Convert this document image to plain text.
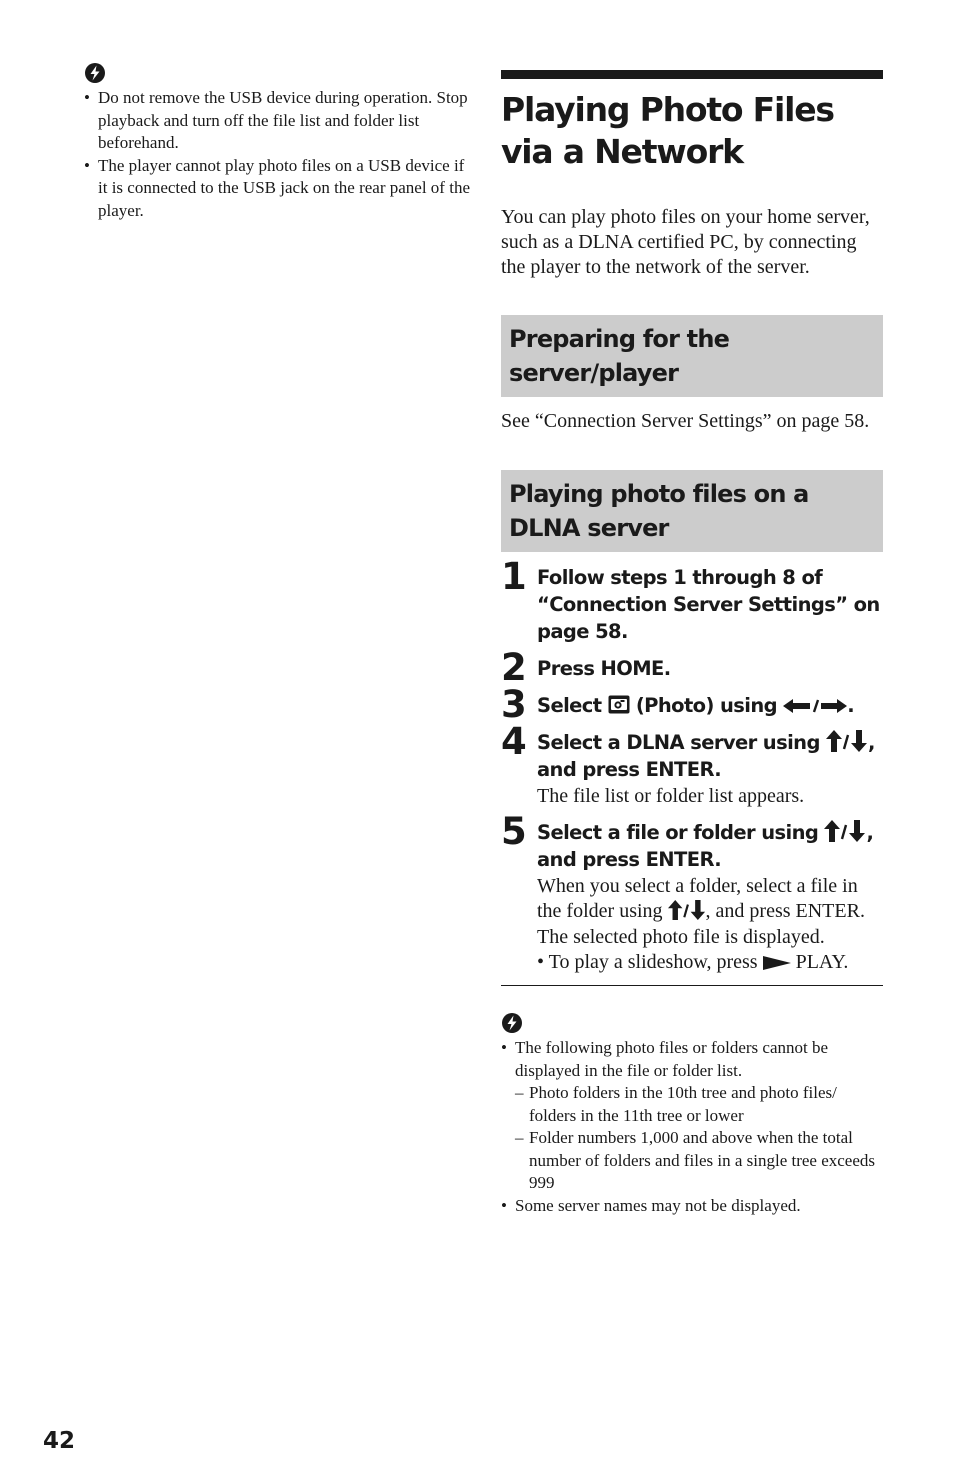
• Do not remove the USB device during operation. Stop playback and turn off the file list and folder list beforehand.
• The player cannot play photo files on a USB device if it is connected to the USB jack on the rear panel of the player.
Playing Photo Files via a Network

You can play photo files on your home server, such as a DLNA certified PC, by connecting the player to the network of the server.

Preparing for the server/player

See “Connection Server Settings” on page 58.

Playing photo files on a DLNA server
1 Follow steps 1 through 8 of “Connection Server Settings” on page 58.
2 Press HOME.
3 Select (Photo) using	.
4 Select a DLNA server using , and press ENTER.
The file list or folder list appears.
5 Select a file or folder using , and press ENTER.
When you select a folder, select a file in the folder using , and press ENTER.
The selected photo file is displayed.
• To play a slideshow, press PLAY.
• The following photo files or folders cannot be displayed in the file or folder list.
– Photo folders in the 10th tree and photo files/ folders in the 11th tree or lower
– Folder numbers 1,000 and above when the total number of folders and files in a single tree exceeds 999
• Some server names may not be displayed.
42
